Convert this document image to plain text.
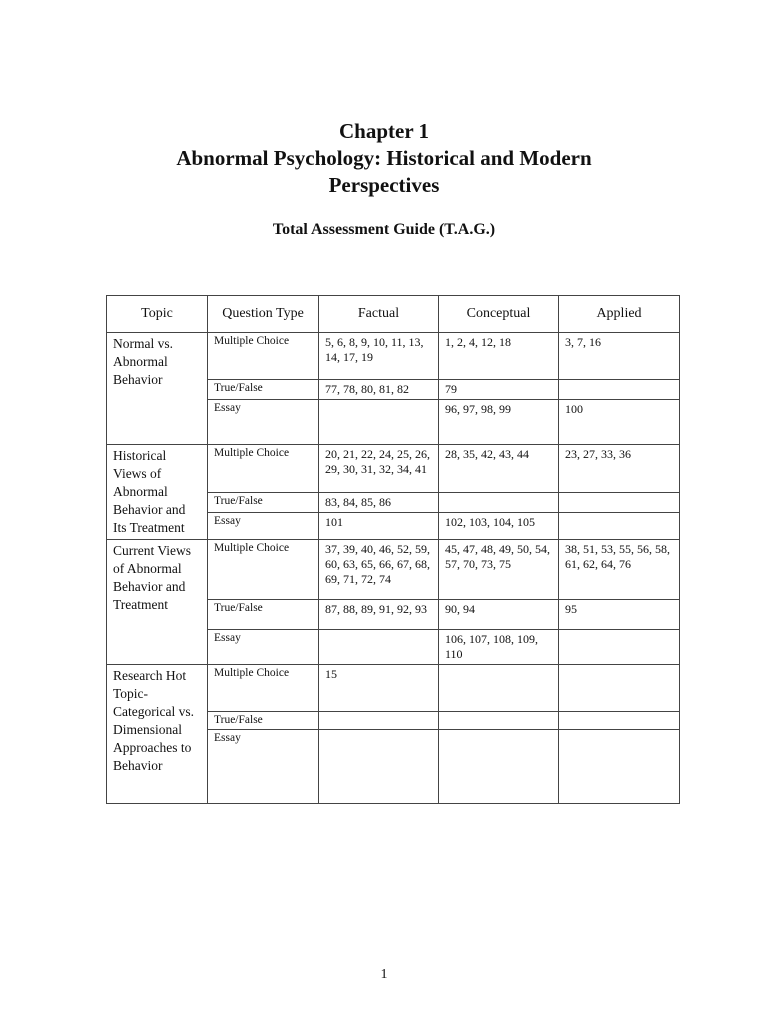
Chapter 1
Abnormal Psychology: Historical and Modern
Perspectives
Total Assessment Guide (T.A.G.)
Topic	Question Type	Factual	Conceptual	Applied
Normal vs. Abnormal Behavior	Multiple Choice	5, 6, 8, 9, 10, 11, 13, 14, 17, 19	1, 2, 4, 12, 18	3, 7, 16
	True/False	77, 78, 80, 81, 82	79	
	Essay		96, 97, 98, 99	100
Historical Views of Abnormal Behavior and Its Treatment	Multiple Choice	20, 21, 22, 24, 25, 26, 29, 30, 31, 32, 34, 41	28, 35, 42, 43, 44	23, 27, 33, 36
	True/False	83, 84, 85, 86		
	Essay	101	102, 103, 104, 105	
Current Views of Abnormal Behavior and Treatment	Multiple Choice	37, 39, 40, 46, 52, 59, 60, 63, 65, 66, 67, 68, 69, 71, 72, 74	45, 47, 48, 49, 50, 54, 57, 70, 73, 75	38, 51, 53, 55, 56, 58, 61, 62, 64, 76
	True/False	87, 88, 89, 91, 92, 93	90, 94	95
	Essay		106, 107, 108, 109, 110	
Research Hot Topic- Categorical vs. Dimensional Approaches to Behavior	Multiple Choice	15		
	True/False			
	Essay			
1
